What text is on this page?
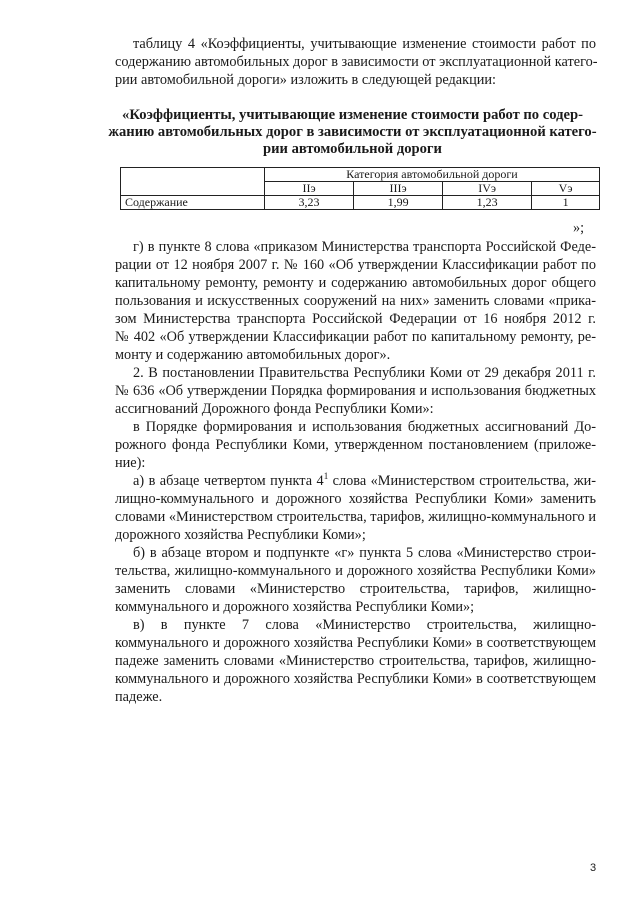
таблицу 4 «Коэффициенты, учитывающие изменение стоимости работ по
содержанию автомобильных дорог в зависимости от эксплуатационной катего-
рии автомобильной дороги» изложить в следующей редакции:
«Коэффициенты, учитывающие изменение стоимости работ по содер-
жанию автомобильных дорог в зависимости от эксплуатационной катего-
рии автомобильной дороги
	Категория автомобильной дороги			
	IIэ	IIIэ	IVэ	Vэ
Содержание	3,23	1,99	1,23	1
»;
г) в пункте 8 слова «приказом Министерства транспорта Российской Феде-
рации от 12 ноября 2007 г. № 160 «Об утверждении Классификации работ по
капитальному ремонту, ремонту и содержанию автомобильных дорог общего
пользования и искусственных сооружений на них» заменить словами «прика-
зом Министерства транспорта Российской Федерации от 16 ноября 2012 г.
№ 402 «Об утверждении Классификации работ по капитальному ремонту, ре-
монту и содержанию автомобильных дорог».
2. В постановлении Правительства Республики Коми от 29 декабря 2011 г.
№ 636 «Об утверждении Порядка формирования и использования бюджетных
ассигнований Дорожного фонда Республики Коми»:
в Порядке формирования и использования бюджетных ассигнований До-
рожного фонда Республики Коми, утвержденном постановлением (приложе-
ние):
а) в абзаце четвертом пункта $4^1$ слова «Министерством строительства, жи-
лищно-коммунального и дорожного хозяйства Республики Коми» заменить
словами «Министерством строительства, тарифов, жилищно-коммунального и
дорожного хозяйства Республики Коми»;
б) в абзаце втором и подпункте «г» пункта 5 слова «Министерство строи-
тельства, жилищно-коммунального и дорожного хозяйства Республики Коми»
заменить словами «Министерство строительства, тарифов, жилищно-
коммунального и дорожного хозяйства Республики Коми»;
в) в пункте 7 слова «Министерство строительства, жилищно-
коммунального и дорожного хозяйства Республики Коми» в соответствующем
падеже заменить словами «Министерство строительства, тарифов, жилищно-
коммунального и дорожного хозяйства Республики Коми» в соответствующем
падеже.
3
